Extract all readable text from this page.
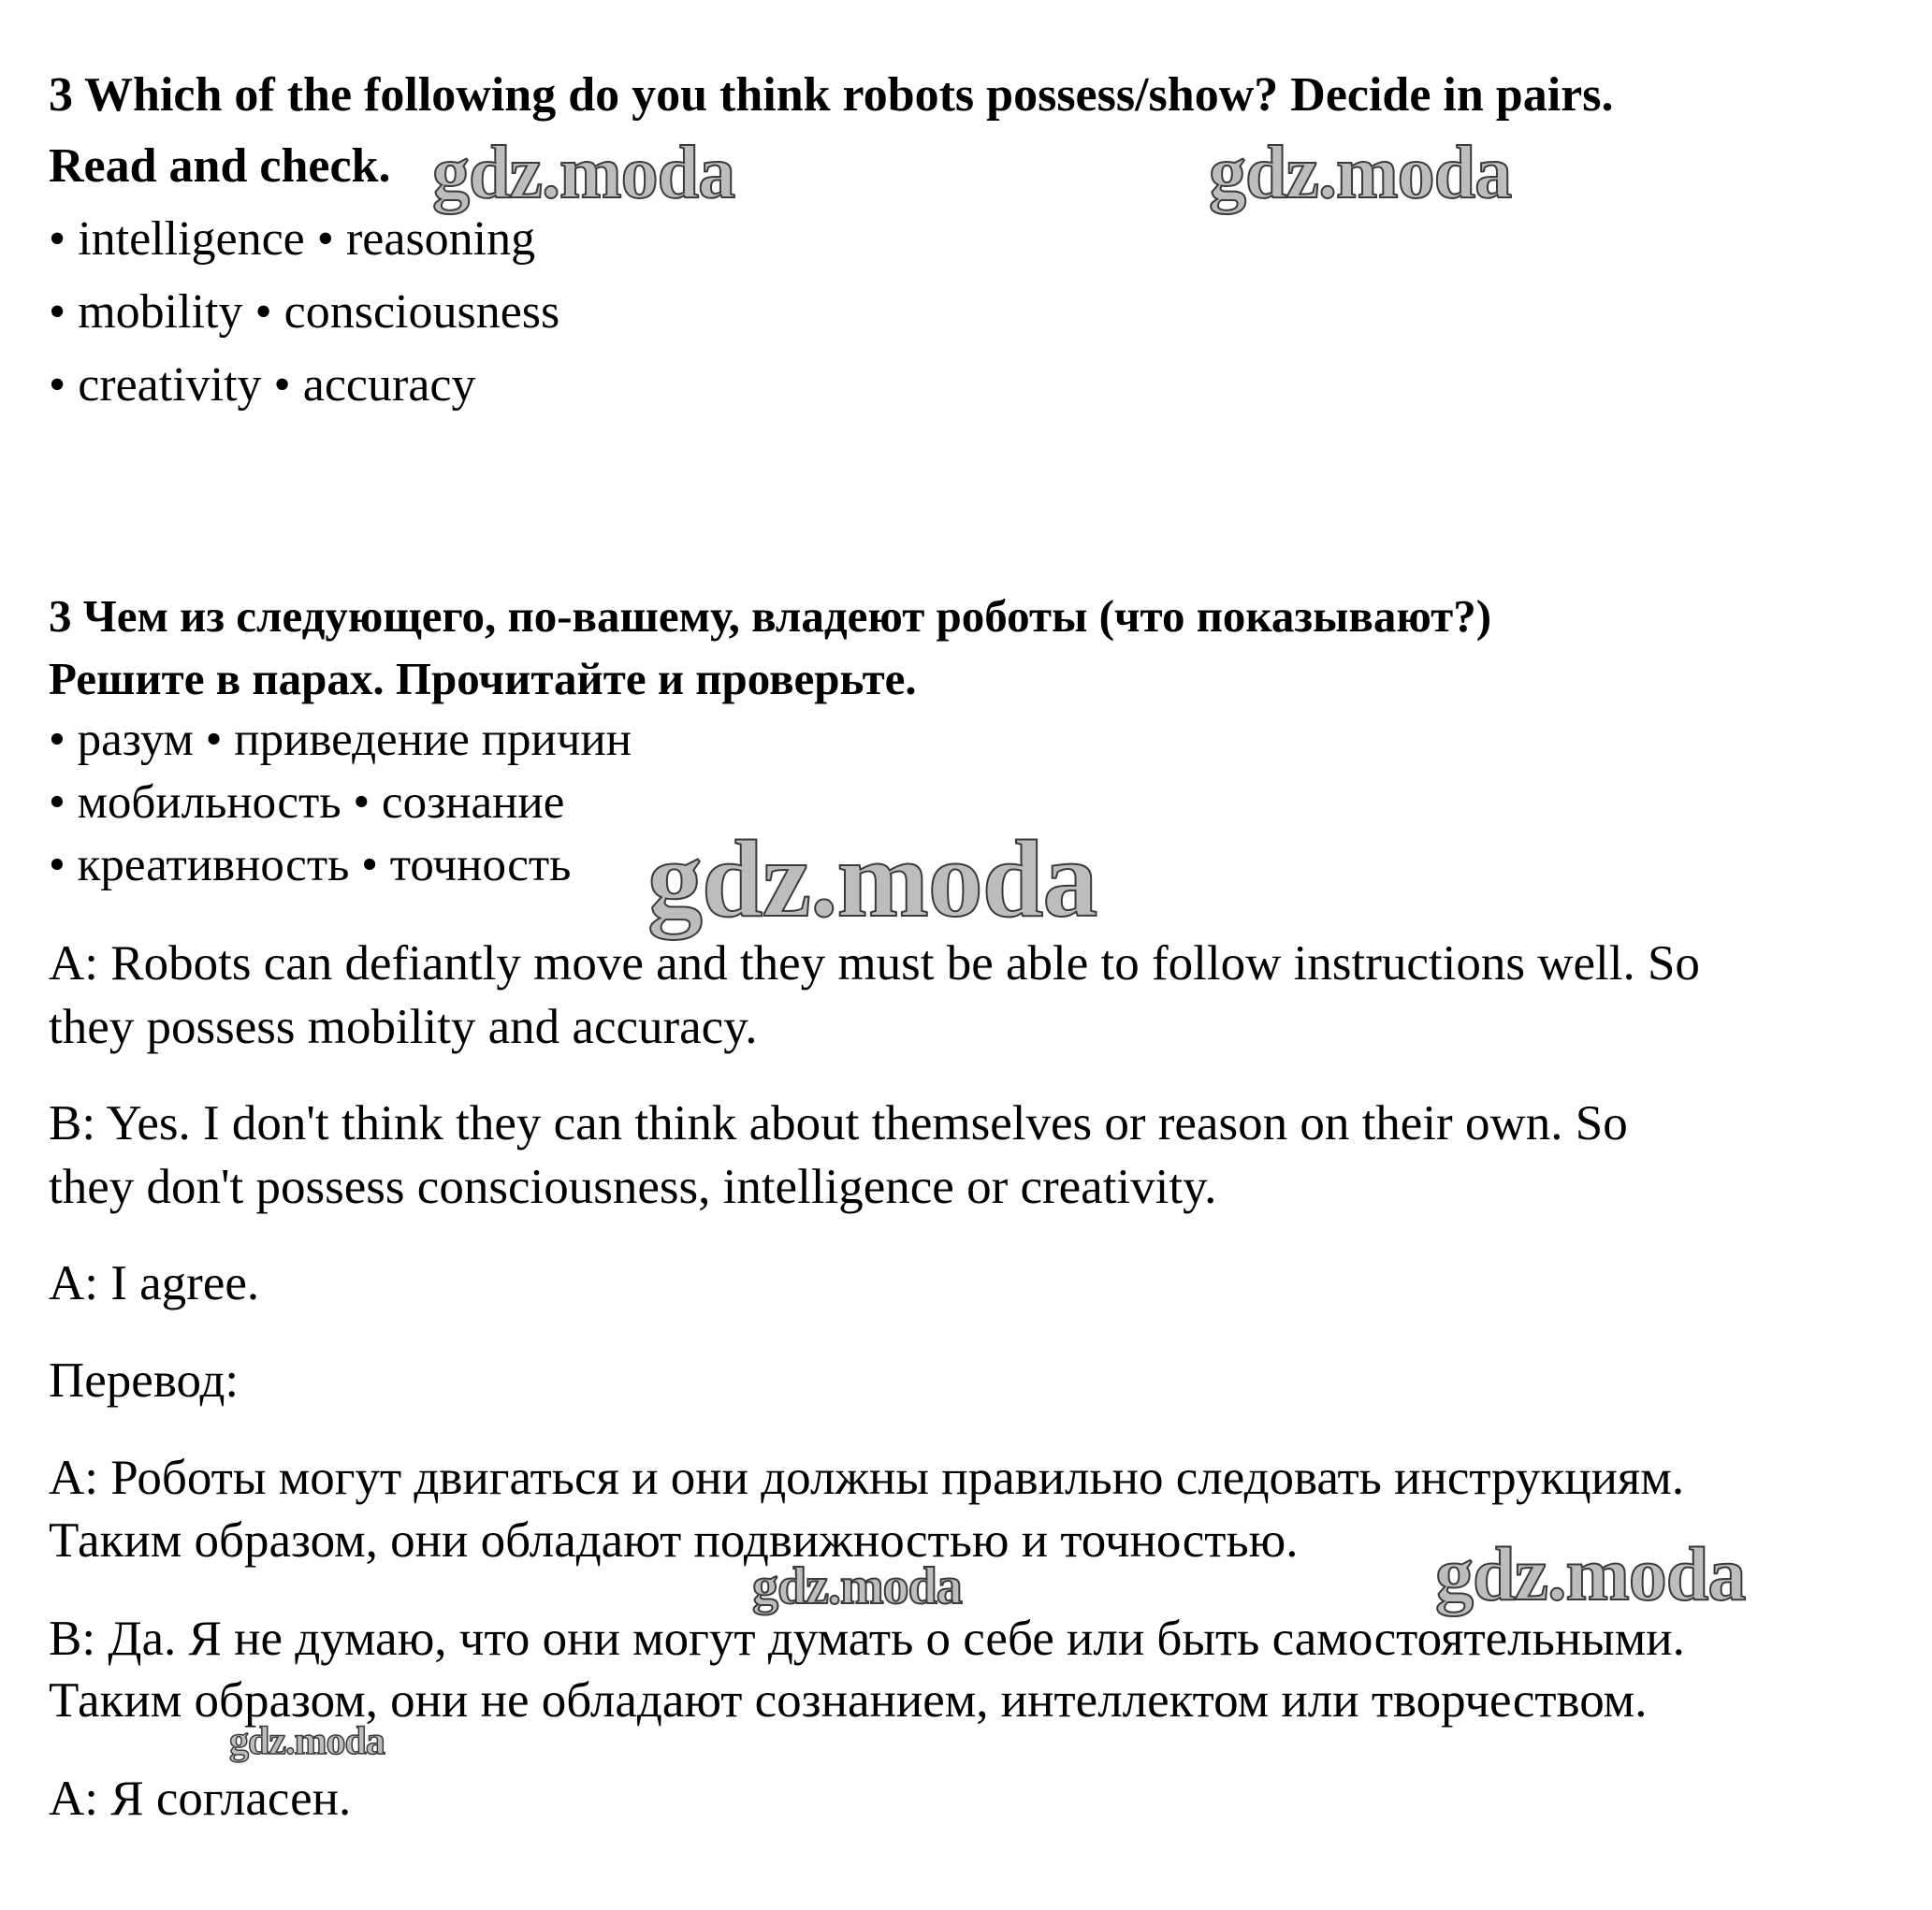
3 Which of the following do you think robots possess/show? Decide in pairs.

Read and check.

• intelligence • reasoning

• mobility • consciousness

• creativity • accuracy

3 Чем из следующего, по-вашему, владеют роботы (что показывают?)

Решите в парах. Прочитайте и проверьте.

• разум • приведение причин

• мобильность • сознание

• креативность • точность

A: Robots can defiantly move and they must be able to follow instructions well. So

they possess mobility and accuracy.

B: Yes. I don't think they can think about themselves or reason on their own. So

they don't possess consciousness, intelligence or creativity.

A: I agree.

Перевод:

A: Роботы могут двигаться и они должны правильно следовать инструкциям.

Таким образом, они обладают подвижностью и точностью.

B: Да. Я не думаю, что они могут думать о себе или быть самостоятельными.

Таким образом, они не обладают сознанием, интеллектом или творчеством.

A: Я согласен.

gdz.moda	gdz.moda
gdz.moda
gdz.moda	gdz.moda
gdz.moda
